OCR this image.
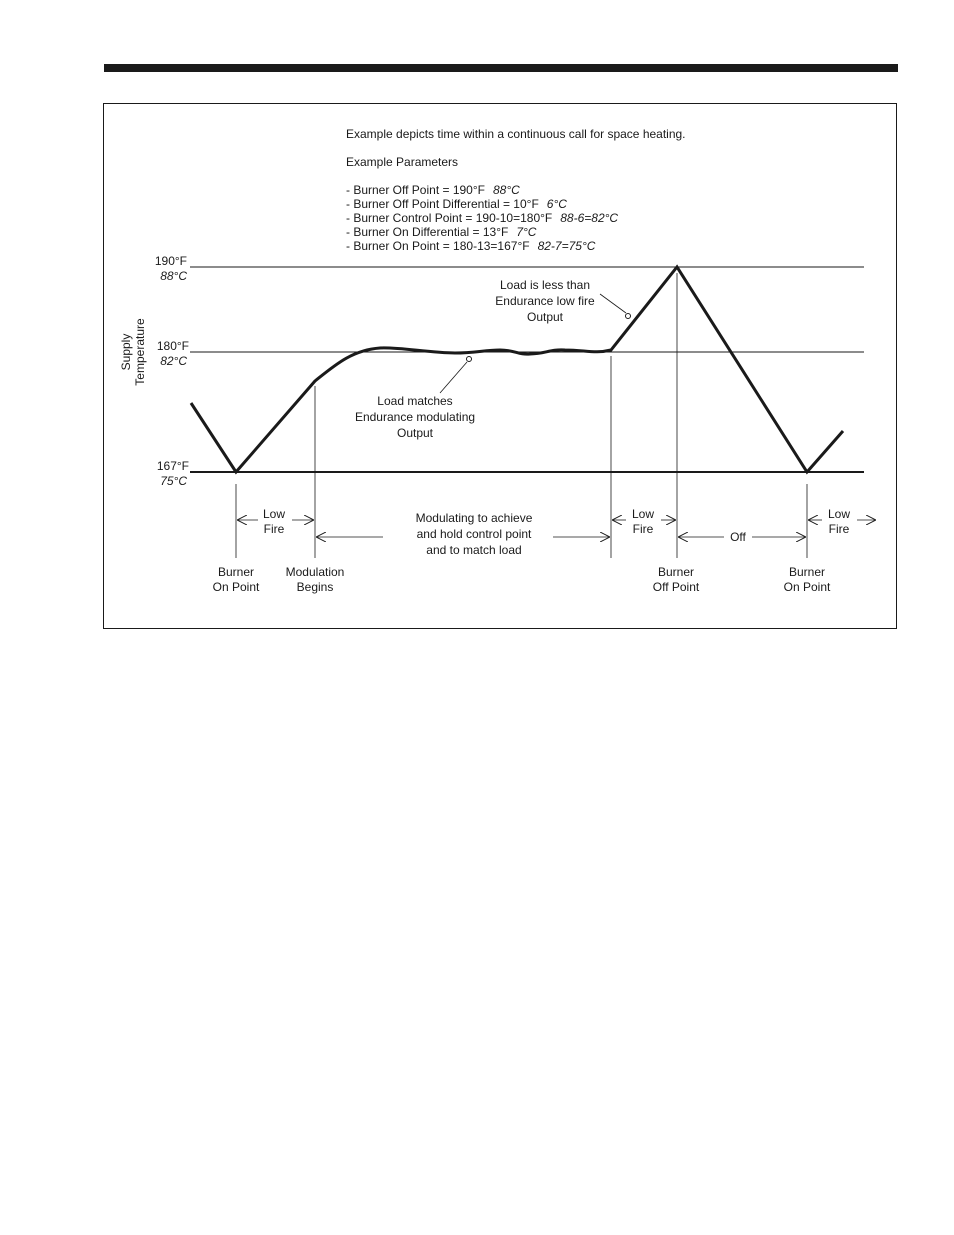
Example depicts time within a continuous call for space heating.
Example Parameters
- Burner Off Point = 190°F 88°C
- Burner Off Point Differential = 10°F 6°C
- Burner Control Point = 190-10=180°F 88-6=82°C
- Burner On Differential = 13°F 7°C
- Burner On Point = 180-13=167°F 82-7=75°C
190°F
88°C
180°F
82°C
167°F
75°C
Supply Temperature
Load is less than
Endurance low fire
Output
Load matches
Endurance modulating
Output
Low
Fire
Modulating to achieve
and hold control point
and to match load
Low
Fire
Off
Low
Fire
Burner
On Point
Modulation
Begins
Burner
Off Point
Burner
On Point
